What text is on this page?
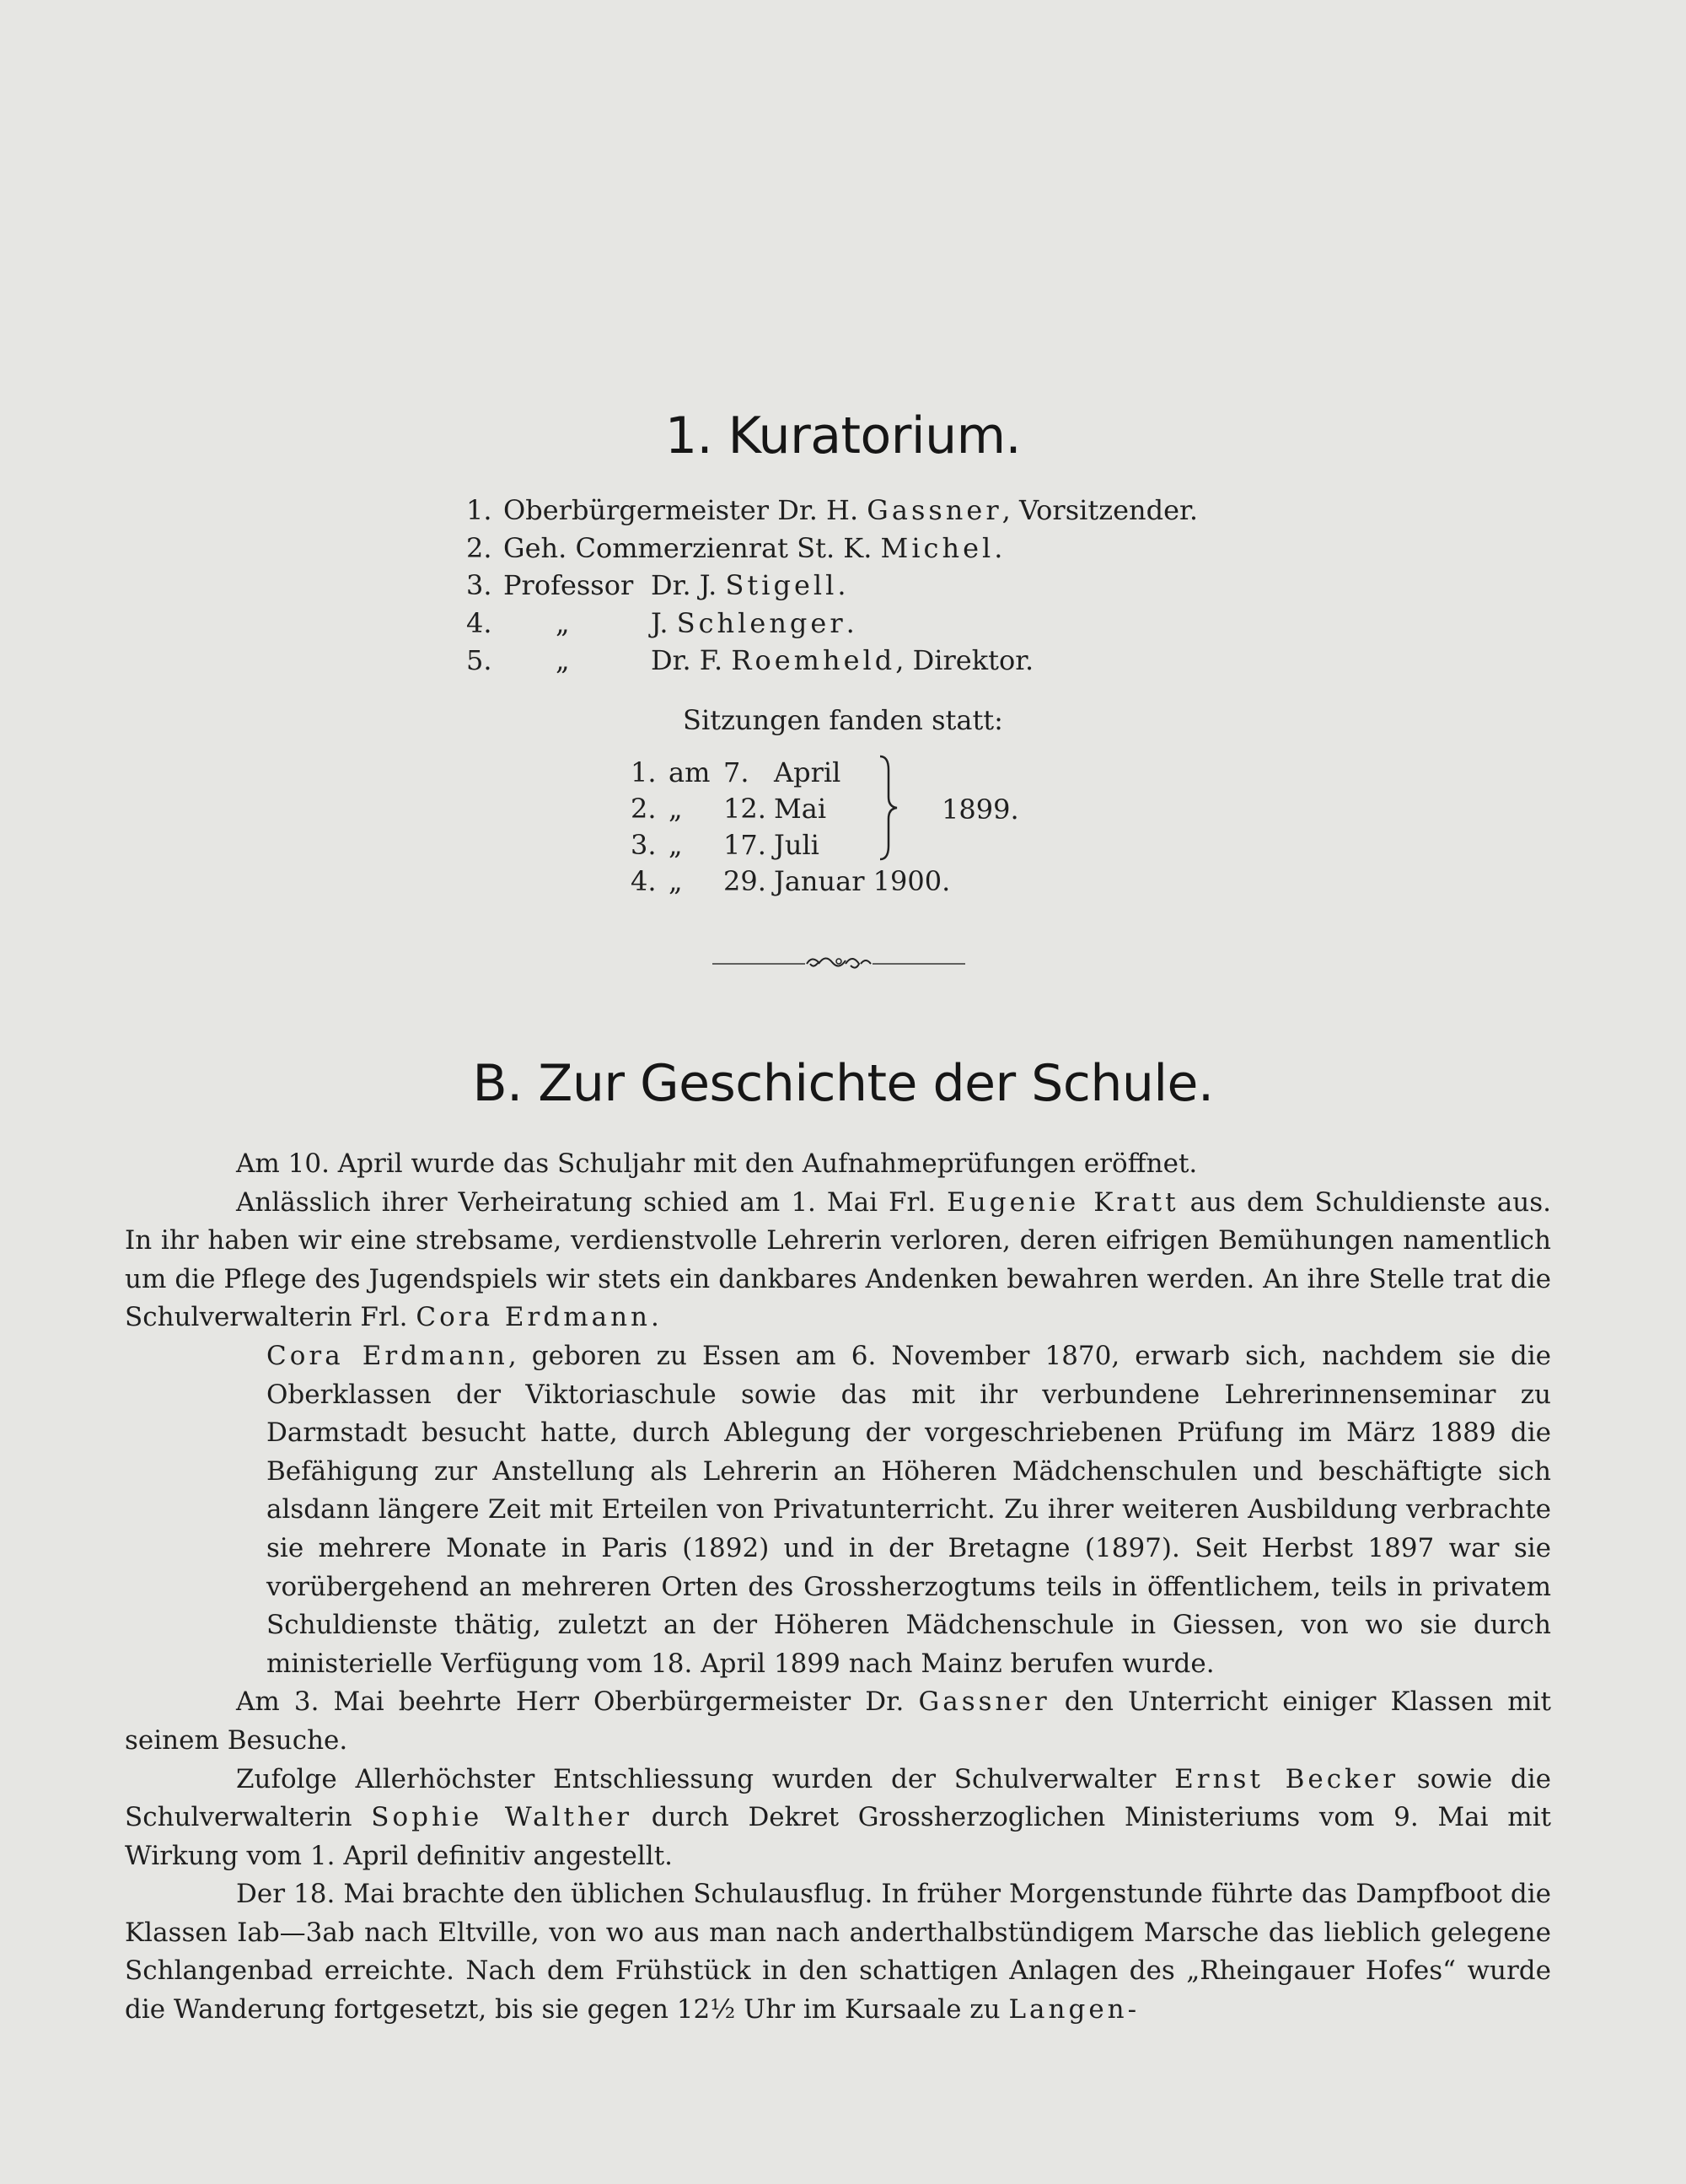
1. Kuratorium.
1. Oberbürgermeister Dr. H. Gassner, Vorsitzender.
2. Geh. Commerzienrat St. K. Michel.
3. Professor Dr. J. Stigell.
4. „	J. Schlenger.
5. „	Dr. F. Roemheld, Direktor.
Sitzungen fanden statt:
1. am 7. April
2. „ 12. Mai
3. „ 17. Juli
4. „ 29. Januar 1900.
1899.
B. Zur Geschichte der Schule.

Am 10. April wurde das Schuljahr mit den Aufnahmeprüfungen eröffnet.

Anlässlich ihrer Verheiratung schied am 1. Mai Frl. Eugenie Kratt aus dem Schuldienste aus. In ihr haben wir eine strebsame, verdienstvolle Lehrerin verloren, deren eifrigen Bemühungen namentlich um die Pflege des Jugendspiels wir stets ein dankbares Andenken bewahren werden. An ihre Stelle trat die Schulverwalterin Frl. Cora Erdmann.

Cora Erdmann, geboren zu Essen am 6. November 1870, erwarb sich, nachdem sie die Oberklassen der Viktoriaschule sowie das mit ihr verbundene Lehrerinnenseminar zu Darmstadt besucht hatte, durch Ablegung der vorgeschriebenen Prüfung im März 1889 die Befähigung zur Anstellung als Lehrerin an Höheren Mädchenschulen und beschäftigte sich alsdann längere Zeit mit Erteilen von Privatunterricht. Zu ihrer weiteren Ausbildung verbrachte sie mehrere Monate in Paris (1892) und in der Bretagne (1897). Seit Herbst 1897 war sie vorübergehend an mehreren Orten des Grossherzogtums teils in öffentlichem, teils in privatem Schuldienste thätig, zuletzt an der Höheren Mädchenschule in Giessen, von wo sie durch ministerielle Verfügung vom 18. April 1899 nach Mainz berufen wurde.

Am 3. Mai beehrte Herr Oberbürgermeister Dr. Gassner den Unterricht einiger Klassen mit seinem Besuche.

Zufolge Allerhöchster Entschliessung wurden der Schulverwalter Ernst Becker sowie die Schulverwalterin Sophie Walther durch Dekret Grossherzoglichen Ministeriums vom 9. Mai mit Wirkung vom 1. April definitiv angestellt.

Der 18. Mai brachte den üblichen Schulausflug. In früher Morgenstunde führte das Dampfboot die Klassen Iab—3ab nach Eltville, von wo aus man nach anderthalbstündigem Marsche das lieblich gelegene Schlangenbad erreichte. Nach dem Frühstück in den schattigen Anlagen des „Rheingauer Hofes“ wurde die Wanderung fortgesetzt, bis sie gegen 12½ Uhr im Kursaale zu Langen-
